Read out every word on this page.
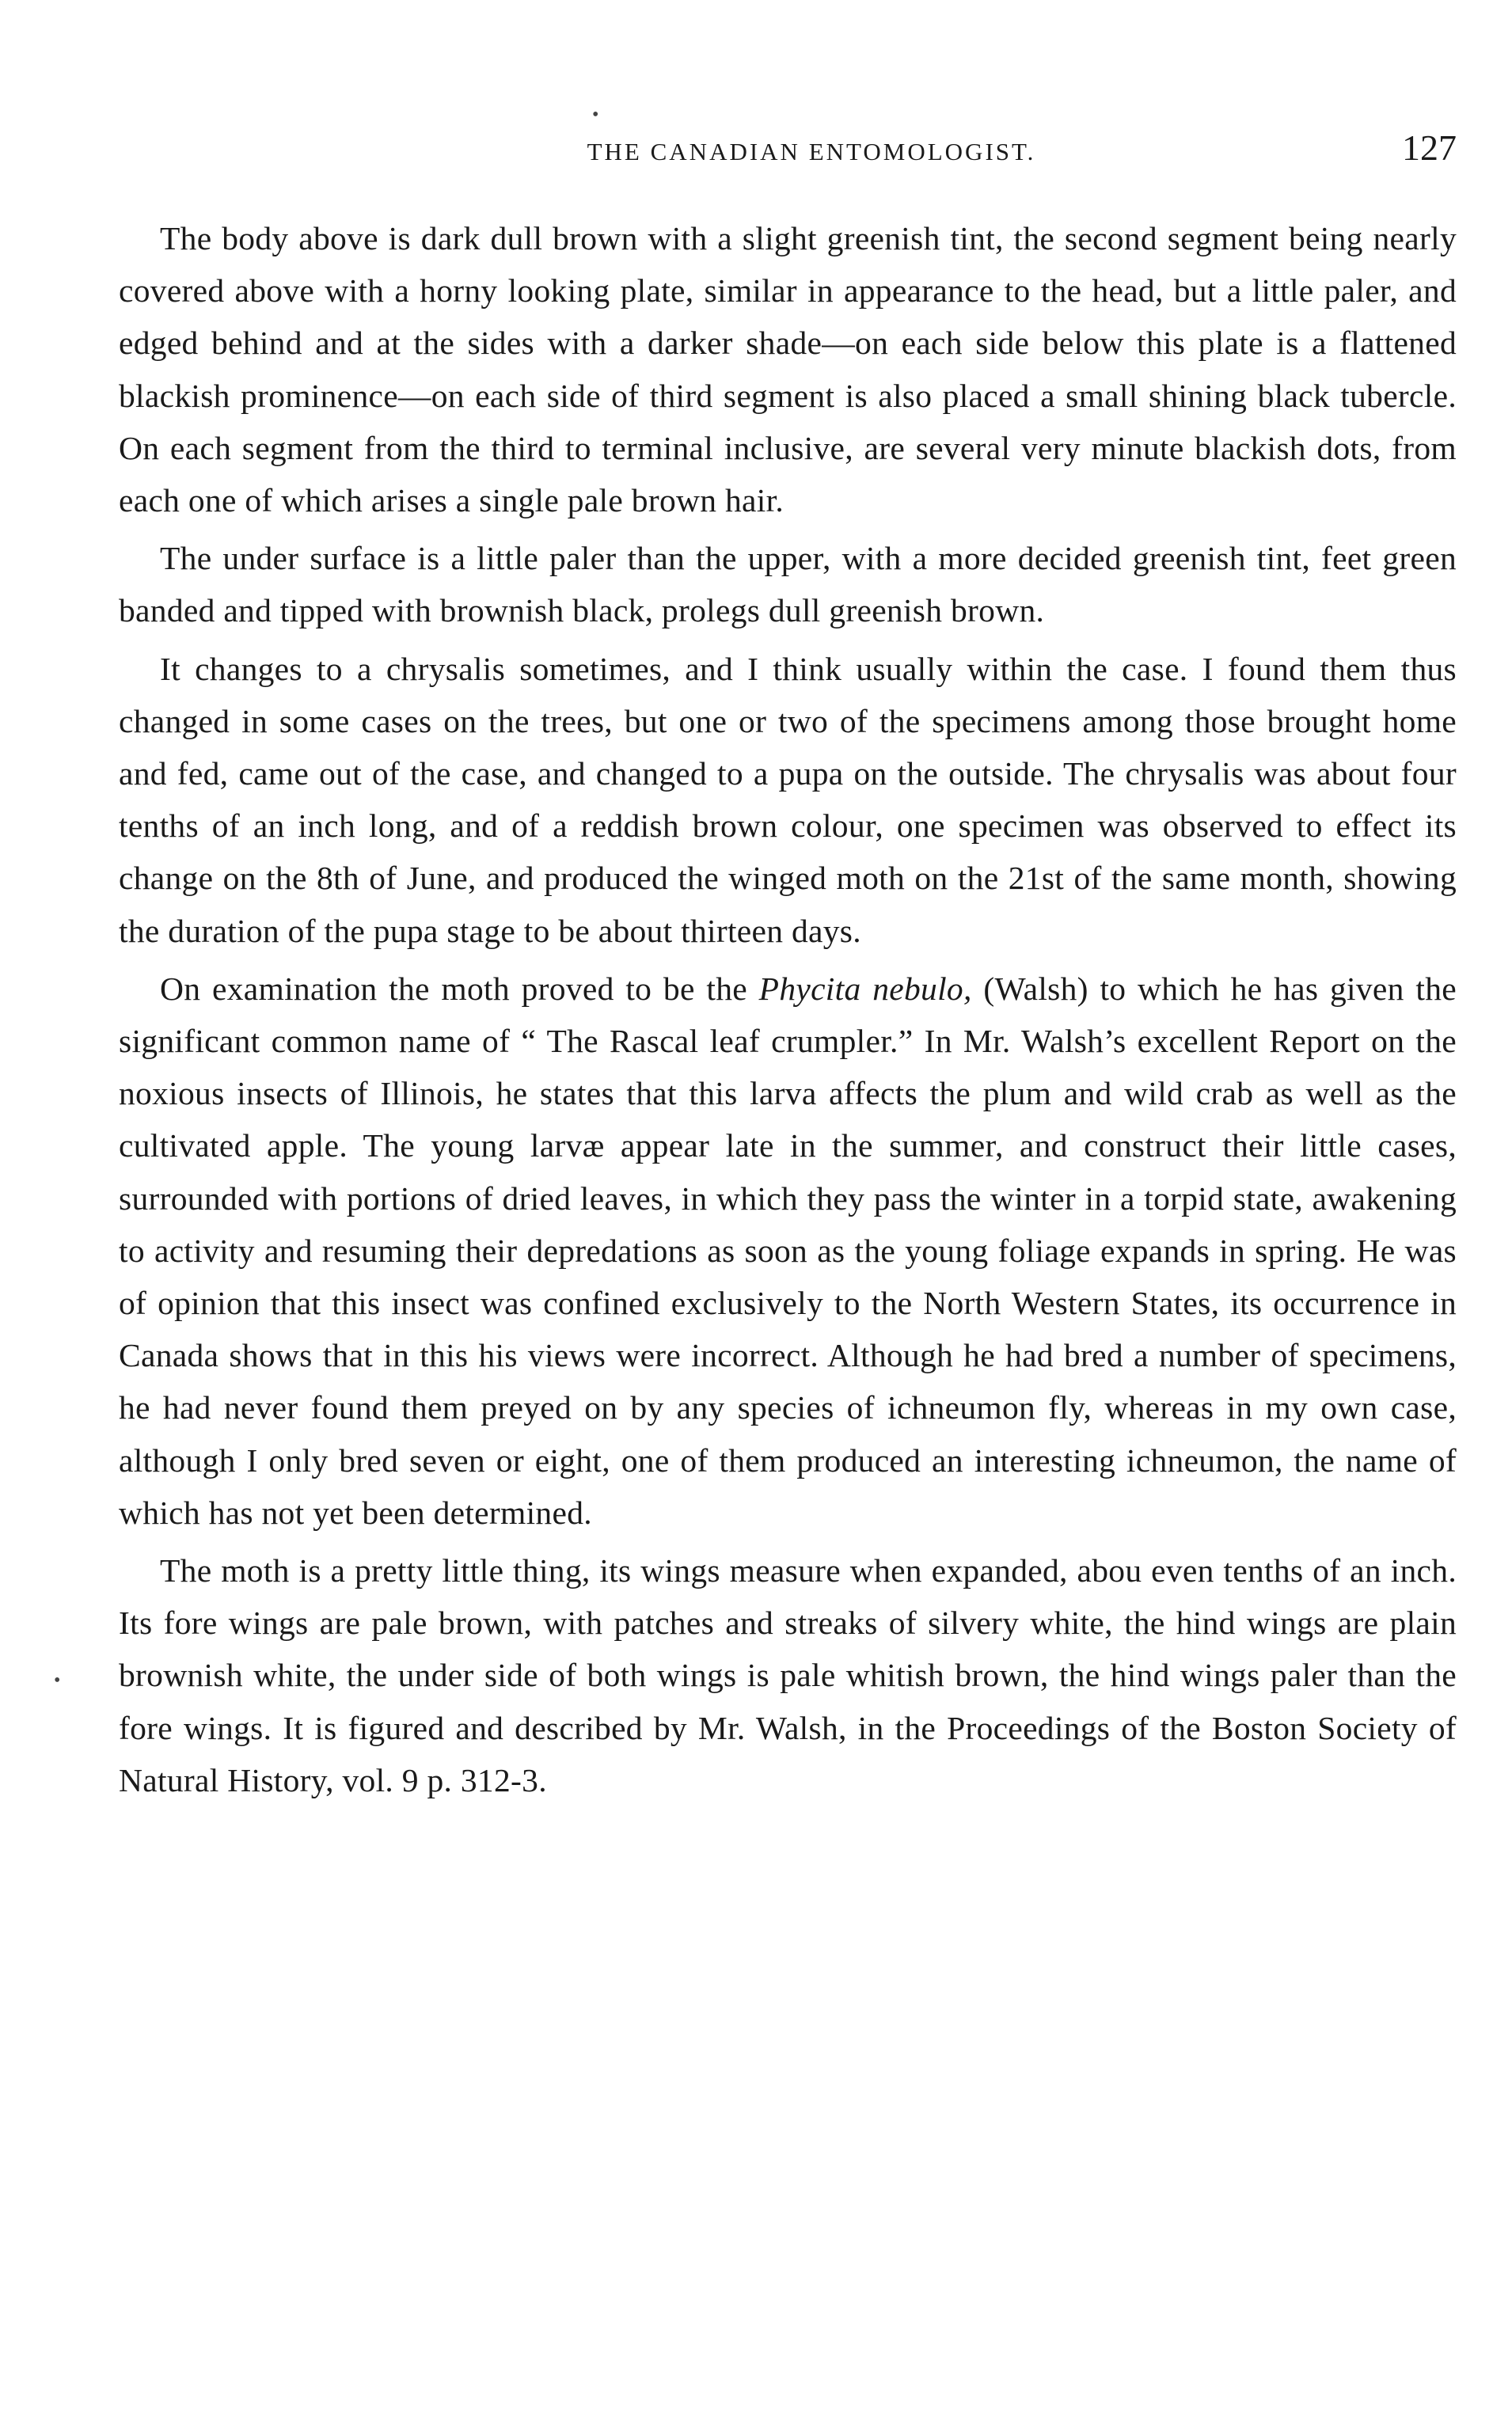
THE CANADIAN ENTOMOLOGIST.	127

The body above is dark dull brown with a slight greenish tint, the second segment being nearly covered above with a horny looking plate, similar in appearance to the head, but a little paler, and edged behind and at the sides with a darker shade—on each side below this plate is a flattened blackish prominence—on each side of third segment is also placed a small shining black tubercle. On each segment from the third to terminal inclusive, are several very minute blackish dots, from each one of which arises a single pale brown hair.

The under surface is a little paler than the upper, with a more decided greenish tint, feet green banded and tipped with brownish black, prolegs dull greenish brown.

It changes to a chrysalis sometimes, and I think usually within the case. I found them thus changed in some cases on the trees, but one or two of the specimens among those brought home and fed, came out of the case, and changed to a pupa on the outside. The chrysalis was about four tenths of an inch long, and of a reddish brown colour, one specimen was observed to effect its change on the 8th of June, and produced the winged moth on the 21st of the same month, showing the duration of the pupa stage to be about thirteen days.

On examination the moth proved to be the Phycita nebulo, (Walsh) to which he has given the significant common name of “ The Rascal leaf crumpler.” In Mr. Walsh’s excellent Report on the noxious insects of Illinois, he states that this larva affects the plum and wild crab as well as the cultivated apple. The young larvæ appear late in the summer, and construct their little cases, surrounded with portions of dried leaves, in which they pass the winter in a torpid state, awakening to activity and resuming their depredations as soon as the young foliage expands in spring. He was of opinion that this insect was confined exclusively to the North Western States, its occurrence in Canada shows that in this his views were incorrect. Although he had bred a number of specimens, he had never found them preyed on by any species of ichneumon fly, whereas in my own case, although I only bred seven or eight, one of them produced an interesting ichneumon, the name of which has not yet been determined.

The moth is a pretty little thing, its wings measure when expanded, abou even tenths of an inch. Its fore wings are pale brown, with patches and streaks of silvery white, the hind wings are plain brownish white, the under side of both wings is pale whitish brown, the hind wings paler than the fore wings. It is figured and described by Mr. Walsh, in the Proceedings of the Boston Society of Natural History, vol. 9 p. 312-3.

•
•
